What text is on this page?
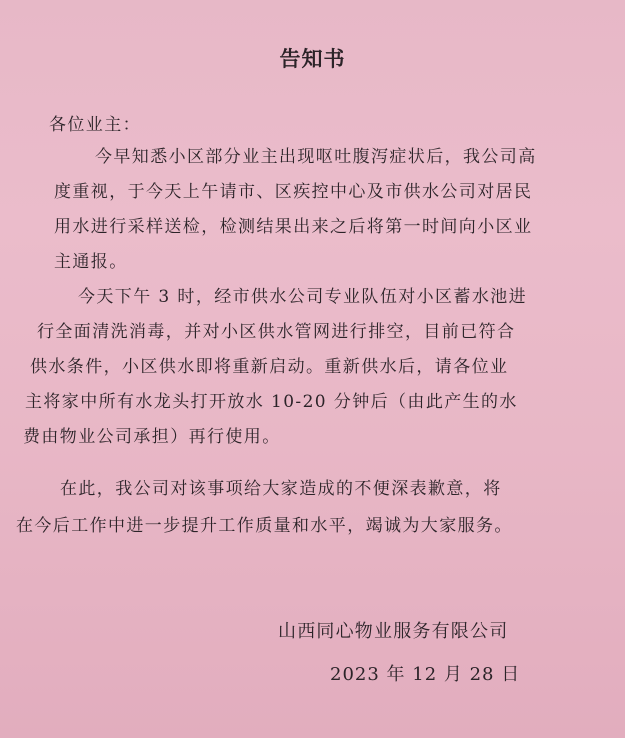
告知书
各位业主：
今早知悉小区部分业主出现呕吐腹泻症状后，我公司高
度重视，于今天上午请市、区疾控中心及市供水公司对居民
用水进行采样送检，检测结果出来之后将第一时间向小区业
主通报。
今天下午 3 时，经市供水公司专业队伍对小区蓄水池进
行全面清洗消毒，并对小区供水管网进行排空，目前已符合
供水条件，小区供水即将重新启动。重新供水后，请各位业
主将家中所有水龙头打开放水 10-20 分钟后（由此产生的水
费由物业公司承担）再行使用。
在此，我公司对该事项给大家造成的不便深表歉意，将
在今后工作中进一步提升工作质量和水平，竭诚为大家服务。
山西同心物业服务有限公司
2023 年 12 月 28 日
